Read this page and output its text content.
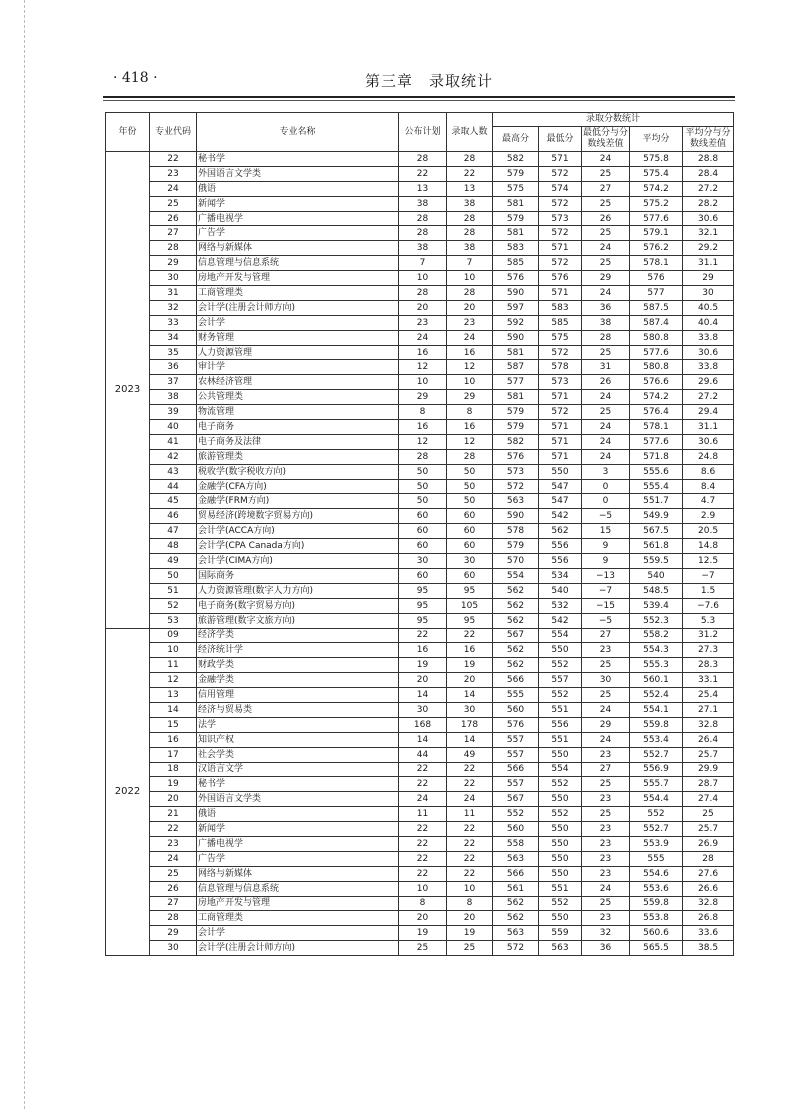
· 418 ·	第三章　录取统计
年份	专业代码	专业名称	公布计划	录取人数	录取分数统计				
					最高分	最低分	最低分与分数线差值	平均分	平均分与分数线差值
2023	22	秘书学	28	28	582	571	24	575.8	28.8
	23	外国语言文学类	22	22	579	572	25	575.4	28.4
	24	俄语	13	13	575	574	27	574.2	27.2
	25	新闻学	38	38	581	572	25	575.2	28.2
	26	广播电视学	28	28	579	573	26	577.6	30.6
	27	广告学	28	28	581	572	25	579.1	32.1
	28	网络与新媒体	38	38	583	571	24	576.2	29.2
	29	信息管理与信息系统	7	7	585	572	25	578.1	31.1
	30	房地产开发与管理	10	10	576	576	29	576	29
	31	工商管理类	28	28	590	571	24	577	30
	32	会计学(注册会计师方向)	20	20	597	583	36	587.5	40.5
	33	会计学	23	23	592	585	38	587.4	40.4
	34	财务管理	24	24	590	575	28	580.8	33.8
	35	人力资源管理	16	16	581	572	25	577.6	30.6
	36	审计学	12	12	587	578	31	580.8	33.8
	37	农林经济管理	10	10	577	573	26	576.6	29.6
	38	公共管理类	29	29	581	571	24	574.2	27.2
	39	物流管理	8	8	579	572	25	576.4	29.4
	40	电子商务	16	16	579	571	24	578.1	31.1
	41	电子商务及法律	12	12	582	571	24	577.6	30.6
	42	旅游管理类	28	28	576	571	24	571.8	24.8
	43	税收学(数字税收方向)	50	50	573	550	3	555.6	8.6
	44	金融学(CFA方向)	50	50	572	547	0	555.4	8.4
	45	金融学(FRM方向)	50	50	563	547	0	551.7	4.7
	46	贸易经济(跨境数字贸易方向)	60	60	590	542	−5	549.9	2.9
	47	会计学(ACCA方向)	60	60	578	562	15	567.5	20.5
	48	会计学(CPA Canada方向)	60	60	579	556	9	561.8	14.8
	49	会计学(CIMA方向)	30	30	570	556	9	559.5	12.5
	50	国际商务	60	60	554	534	−13	540	−7
	51	人力资源管理(数字人力方向)	95	95	562	540	−7	548.5	1.5
	52	电子商务(数字贸易方向)	95	105	562	532	−15	539.4	−7.6
	53	旅游管理(数字文旅方向)	95	95	562	542	−5	552.3	5.3
2022	09	经济学类	22	22	567	554	27	558.2	31.2
	10	经济统计学	16	16	562	550	23	554.3	27.3
	11	财政学类	19	19	562	552	25	555.3	28.3
	12	金融学类	20	20	566	557	30	560.1	33.1
	13	信用管理	14	14	555	552	25	552.4	25.4
	14	经济与贸易类	30	30	560	551	24	554.1	27.1
	15	法学	168	178	576	556	29	559.8	32.8
	16	知识产权	14	14	557	551	24	553.4	26.4
	17	社会学类	44	49	557	550	23	552.7	25.7
	18	汉语言文学	22	22	566	554	27	556.9	29.9
	19	秘书学	22	22	557	552	25	555.7	28.7
	20	外国语言文学类	24	24	567	550	23	554.4	27.4
	21	俄语	11	11	552	552	25	552	25
	22	新闻学	22	22	560	550	23	552.7	25.7
	23	广播电视学	22	22	558	550	23	553.9	26.9
	24	广告学	22	22	563	550	23	555	28
	25	网络与新媒体	22	22	566	550	23	554.6	27.6
	26	信息管理与信息系统	10	10	561	551	24	553.6	26.6
	27	房地产开发与管理	8	8	562	552	25	559.8	32.8
	28	工商管理类	20	20	562	550	23	553.8	26.8
	29	会计学	19	19	563	559	32	560.6	33.6
	30	会计学(注册会计师方向)	25	25	572	563	36	565.5	38.5
